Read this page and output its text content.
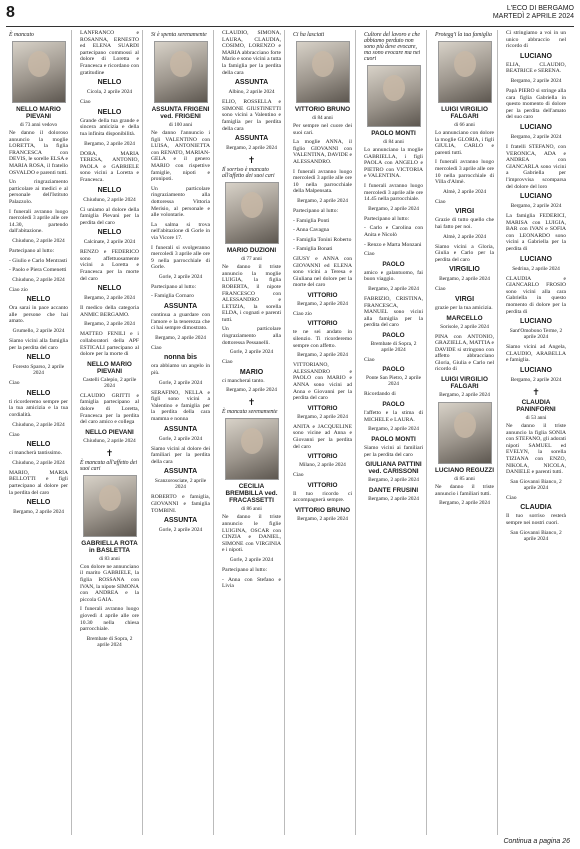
8	L'ECO DI BERGAMO
MARTEDÌ 2 APRILE 2024
È mancato
NELLO MARIO PIEVANI
di 73 anni vedovo
Ne danno il doloroso annuncio la moglie LORETTA, la figlia FRANCESCA con DEVIS, le sorelle ELSA e MARIA ROSA, il fratello OSVALDO e parenti tutti.
Un ringraziamento particolare ai medici e al personale dell'Istituto Palazzolo.
I funerali avranno luogo mercoledì 3 aprile alle ore 14.30, partendo dall'abitazione.
Chiuduno, 2 aprile 2024
Partecipano al lutto:
- Giulio e Carlo Mentrasti
- Paolo e Piera Comenetti
Chiuduno, 2 aprile 2024
Ciao zio
NELLO
Ora sarai in pace accanto alle persone che hai amato.
Grumello, 2 aprile 2024
Siamo vicini alla famiglia per la perdita del caro
NELLO
Foresto Sparso, 2 aprile 2024
Ciao
NELLO
ti ricorderemo sempre per la tua amicizia e la tua cordialità.
Chiuduno, 2 aprile 2024
Ciao
NELLO
ci mancherà tantissimo.
Chiuduno, 2 aprile 2024
MARIO, MARIA BELLOTTI e figli partecipano al dolore per la perdita del caro
NELLO
Bergamo, 2 aprile 2024
LANFRANCO e ROSANNA, ERNESTO ed ELENA SUARDI partecipano commossi al dolore di Loretta e Francesca e ricordano con gratitudine
NELLO
Cicola, 2 aprile 2024
Ciao
NELLO
Grande della tua grande e sincera amicizia e della tua infinita disponibilità.
Bergamo, 2 aprile 2024
DORA, MARIA TERESA, ANTONIO, PAOLA e GABRIELE sono vicini a Loretta e Francesca.
NELLO
Chiuduno, 2 aprile 2024
Ci uniamo al dolore della famiglia Pievani per la perdita del caro
NELLO
Calcinate, 2 aprile 2024
RENZO e FEDERICO sono affettuosamente vicini a Loretta e Francesca per la morte del caro
NELLO
Bergamo, 2 aprile 2024
Il medico della categoria ANMIC BERGAMO.
Bergamo, 2 aprile 2024
MATTEO FENILI e i collaboratori della APF ESTICALI partecipano al dolore per la morte di
NELLO MARIO PIEVANI
Castelli Calepio, 2 aprile 2024
CLAUDIO GRITTI e famiglia partecipano al dolore di Loretta, Francesca per la perdita del caro amico e collega
NELLO PIEVANI
Chiuduno, 2 aprile 2024
✝
È mancata all'affetto dei suoi cari
GABRIELLA ROTA in BASLETTA
di 83 anni
Con dolore ne annunciano il marito GABRIELE, la figlia ROSSANA con IVAN, la nipote SIMONA con ANDREA e la piccola GAIA.
I funerali avranno luogo giovedì 4 aprile alle ore 10.30 nella chiesa parrocchiale.
Brembate di Sopra, 2 aprile 2024
Si è spenta serenamente
ASSUNTA FRIGENI ved. FRIGENI
di 100 anni
Ne danno l'annuncio i figli VALENTINO con LUISA, ANTONIETTA con RENATO, MARIAN-GELA e il genero MARIO con rispettive famiglie, nipoti e pronipoti.
Un particolare ringraziamento alla dottoressa Vittoria Merisio, al personale e alle volontarie.
La salma si trova nell'abitazione di Gorle in via Vicore 17.
I funerali si svolgeranno mercoledì 3 aprile alle ore 9 nella parrocchiale di Gorle.
Gorle, 2 aprile 2024
Partecipano al lutto:
- Famiglia Cornaro
ASSUNTA
continua a guardare con l'amore e la tenerezza che ci hai sempre dimostrato.
Bergamo, 2 aprile 2024
Ciao
nonna bis
ora abbiamo un angelo in più.
Gorle, 2 aprile 2024
SERAFINO, NELLA e figli sono vicini a Valentino e famiglia per la perdita della cara mamma e nonna
ASSUNTA
Gorle, 2 aprile 2024
Siamo vicini al dolore dei familiari per la perdita della cara
ASSUNTA
Scanzorosciate, 2 aprile 2024
ROBERTO e famiglia, GIOVANNI e famiglia TOMBINI.
ASSUNTA
Gorle, 2 aprile 2024
CLAUDIO, SIMONA, LAURA, CLAUDIA, COSIMO, LORENZO e MARIA abbracciano forte Mario e sono vicini a tutta la famiglia per la perdita della cara
ASSUNTA
Albino, 2 aprile 2024
ELIO, ROSSELLA e SIMONE GIUSTINETTI sono vicini a Valentino e famiglia per la perdita della cara
ASSUNTA
Bergamo, 2 aprile 2024
✝
Il sorriso è mancato all'affetto dei suoi cari
MARIO DUZIONI
di 77 anni
Ne danno il triste annuncio la moglie LUIGIA, la figlia ROBERTA, il nipote FRANCESCO con ALESSANDRO e LETIZIA, la sorella ELDA, i cognati e parenti tutti.
Un particolare ringraziamento alla dottoressa Pessanelli.
Gorle, 2 aprile 2024
Ciao
MARIO
ci mancherai tanto.
Bergamo, 2 aprile 2024
✝
È mancata serenamente
CECILIA BREMBILLA ved. FRACASSETTI
di 86 anni
Ne danno il triste annuncio le figlie LUIGINA, OSCAR con CINZIA e DANIEL, SIMONE con VIRGINIA e i nipoti.
Gorle, 2 aprile 2024
Partecipano al lutto:
- Anna con Stefano e Livia
Ci ha lasciati
VITTORIO BRUNO
di 84 anni
Per sempre nel cuore dei suoi cari.
La moglie ANNA, il figlio GIOVANNI con VALENTINA, DAVIDE e ALESSANDRO.
I funerali avranno luogo mercoledì 3 aprile alle ore 10 nella parrocchiale della Malpensata.
Bergamo, 2 aprile 2024
Partecipano al lutto:
- Famiglia Ponti
- Anna Cavagna
- Famiglia Tonini Roberto
- Famiglia Bonati
GIUSY e ANNA con GIOVANNI ed ELENA sono vicini a Teresa e Giuliana nel dolore per la morte del caro
VITTORIO
Bergamo, 2 aprile 2024
Ciao zio
VITTORIO
te ne sei andato in silenzio. Ti ricorderemo sempre con affetto.
Bergamo, 2 aprile 2024
VITTORIANO, ALESSANDRO e PAOLO con MARIO e ANNA sono vicini ad Anna e Giovanni per la perdita del caro
VITTORIO
Bergamo, 2 aprile 2024
ANITA e JACQUELINE sono vicine ad Anna e Giovanni per la perdita del caro
VITTORIO
Milano, 2 aprile 2024
Ciao
VITTORIO
Il tuo ricordo ci accompagnerà sempre.
VITTORIO BRUNO
Bergamo, 2 aprile 2024
Cultore del lavoro e che abbiamo perduto non sono più deve evocare, ma sono evocare ma nei cuori
PAOLO MONTI
di 84 anni
Lo annunciano la moglie GABRIELLA, i figli PAOLA con ANGELO e PIETRO con VICTORIA e VALENTINA.
I funerali avranno luogo mercoledì 3 aprile alle ore 14.45 nella parrocchiale.
Bergamo, 2 aprile 2024
Partecipano al lutto:
- Carlo e Carolina con Anita e Nicolò
- Renzo e Marta Monzani
Ciao
PAOLO
amico e galantuomo, fai buon viaggio.
Bergamo, 2 aprile 2024
FABRIZIO, CRISTINA, FRANCESCA, MANUEL sono vicini alla famiglia per la perdita del caro
PAOLO
Brembate di Sopra, 2 aprile 2024
Ciao
PAOLO
Ponte San Pietro, 2 aprile 2024
Ricordando di
PAOLO
l'affetto e la stima di MICHELE e LAURA.
Bergamo, 2 aprile 2024
PAOLO MONTI
Siamo vicini ai familiari per la perdita del caro
GIULIANA PATTINI ved. CARISSONI
Bergamo, 2 aprile 2024
DANTE FRUSINI
Bergamo, 2 aprile 2024
Protegg'i la tua famiglia
LUIGI VIRGILIO FALGARI
di 66 anni
Lo annunciano con dolore la moglie GLORIA, i figli GIULIA, CARLO e parenti tutti.
I funerali avranno luogo mercoledì 3 aprile alle ore 10 nella parrocchiale di Villa d'Almè.
Almè, 2 aprile 2024
Ciao
VIRGI
Grazie di tutto quello che hai fatto per noi.
Almè, 2 aprile 2024
Siamo vicini a Gloria, Giulia e Carlo per la perdita del caro
VIRGILIO
Bergamo, 2 aprile 2024
Ciao
VIRGI
grazie per la tua amicizia.
MARCELLO
Sorisole, 2 aprile 2024
PINA con ANTONIO, GRAZIELLA, MATTIA e DAVIDE si stringono con affetto abbracciano Gloria, Giulia e Carlo nel ricordo di
LUIGI VIRGILIO FALGARI
Bergamo, 2 aprile 2024
LUCIANO REGUZZI
di 85 anni
Ne danno il triste annuncio i familiari tutti.
Bergamo, 2 aprile 2024
Ci stringiamo a voi in un unico abbraccio nel ricordo di
LUCIANO
ELIA, CLAUDIO, BEATRICE e SERENA.
Bergamo, 2 aprile 2024
Papà PIERO si stringe alla cara figlia Gabriella in questo momento di dolore per la perdita dell'amato del suo caro
LUCIANO
Bergamo, 2 aprile 2024
I fratelli STEFANO, con VERONICA, ADA e ANDREA con GIANCARLA sono vicini a Gabriella per l'improvvisa scomparsa del dolore del loro
LUCIANO
Bergamo, 2 aprile 2024
La famiglia FEDERICI, MARISA con LUIGIA, BAR con IVAN e SOFIA con LEONARDO sono vicini a Gabriella per la perdita di
LUCIANO
Sedrina, 2 aprile 2024
CLAUDIA e GIANCARLO FROSIO sono vicini alla cara Gabriella in questo momento di dolore per la perdita di
LUCIANO
Sant'Omobono Terme, 2 aprile 2024
Siamo vicini ad Angela, CLAUDIO, ARABELLA e famiglia.
LUCIANO
Bergamo, 2 aprile 2024
✝
CLAUDIA PANINFORNI
di 53 anni
Ne danno il triste annuncio la figlia SONIA con STEFANO, gli adorati nipoti SAMUEL ed EVELYN, la sorella TIZIANA con ENZO, NIKOLA, NICOLA, DANIELE e parenti tutti.
San Giovanni Bianco, 2 aprile 2024
Ciao
CLAUDIA
Il tuo sorriso resterà sempre nei nostri cuori.
San Giovanni Bianco, 2 aprile 2024
Continua a pagina 26
